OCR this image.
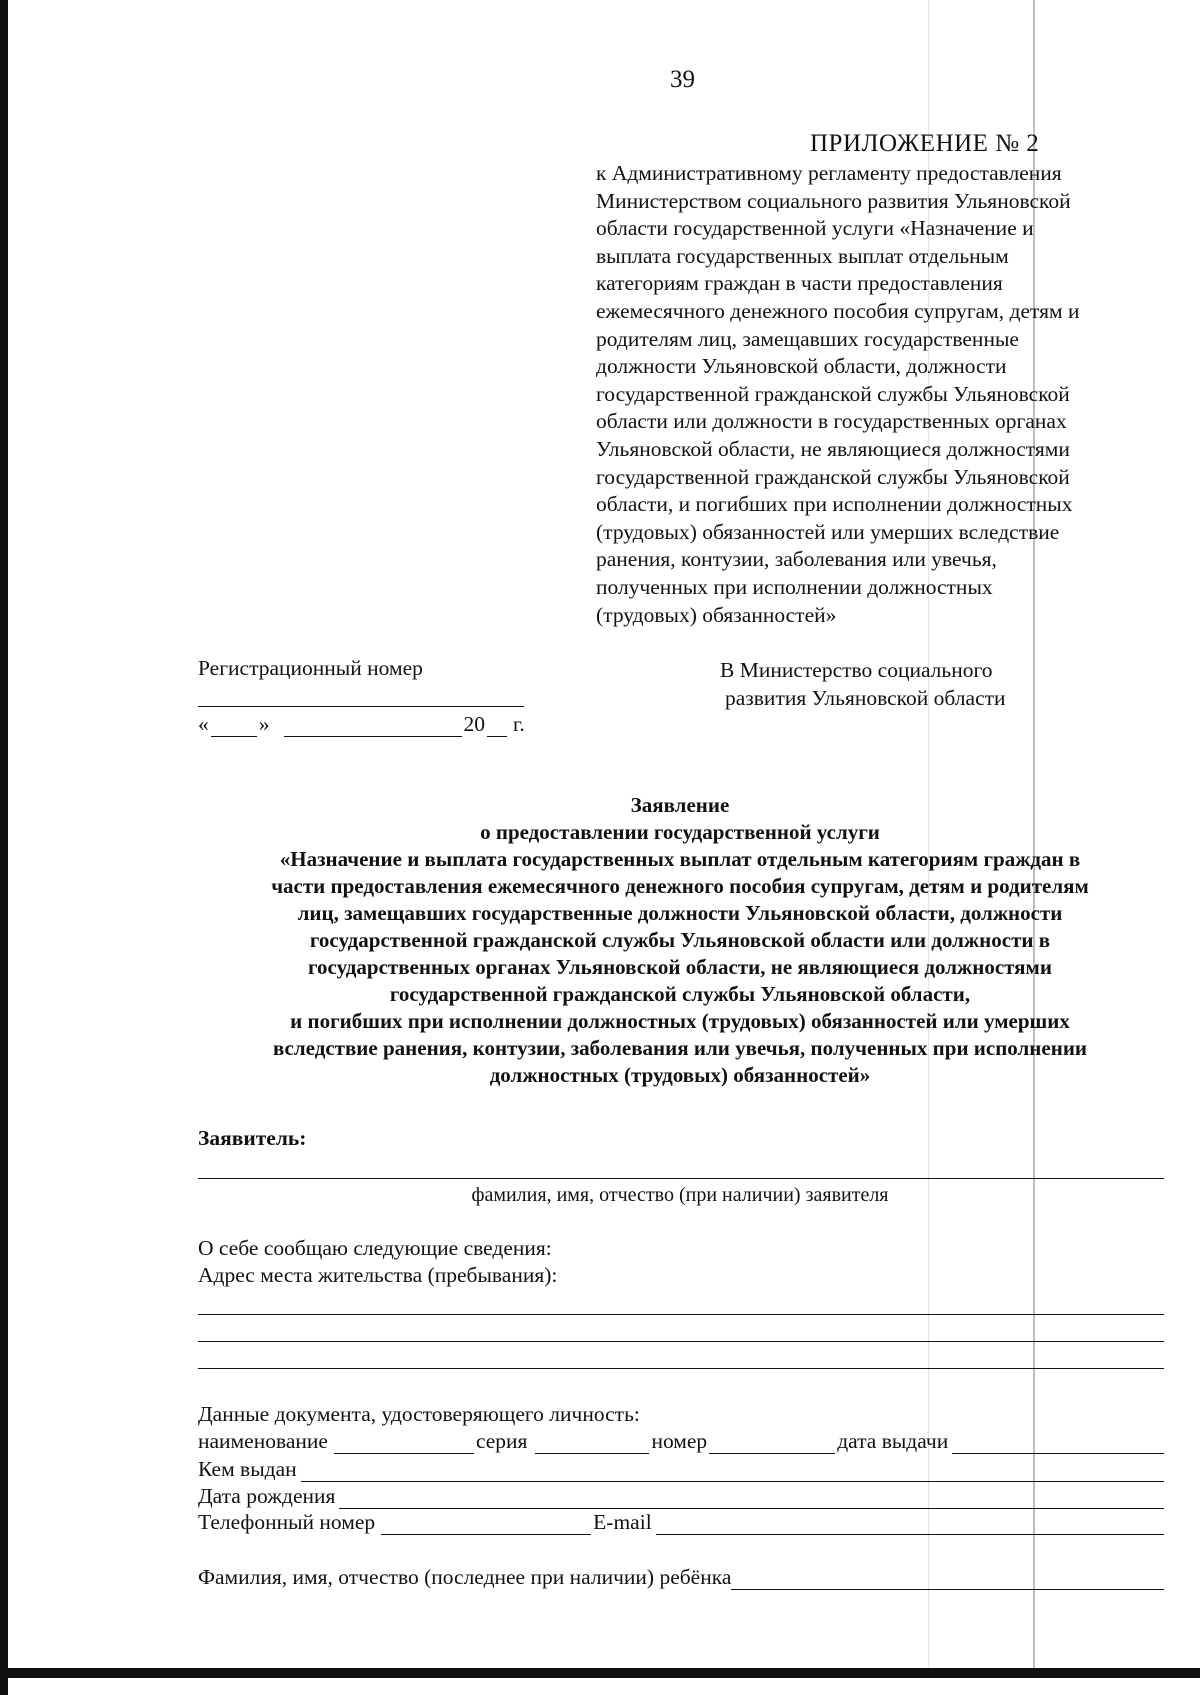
39
ПРИЛОЖЕНИЕ № 2
к Административному регламенту предоставления
Министерством социального развития Ульяновской
области государственной услуги «Назначение и
выплата государственных выплат отдельным
категориям граждан в части предоставления
ежемесячного денежного пособия супругам, детям и
родителям лиц, замещавших государственные
должности Ульяновской области, должности
государственной гражданской службы Ульяновской
области или должности в государственных органах
Ульяновской области, не являющиеся должностями
государственной гражданской службы Ульяновской
области, и погибших при исполнении должностных
(трудовых) обязанностей или умерших вследствие
ранения, контузии, заболевания или увечья,
полученных при исполнении должностных
(трудовых) обязанностей»
Регистрационный номер
« »	20 г.
В Министерство социального
развития Ульяновской области
Заявление
о предоставлении государственной услуги
«Назначение и выплата государственных выплат отдельным категориям граждан в
части предоставления ежемесячного денежного пособия супругам, детям и родителям
лиц, замещавших государственные должности Ульяновской области, должности
государственной гражданской службы Ульяновской области или должности в
государственных органах Ульяновской области, не являющиеся должностями
государственной гражданской службы Ульяновской области,
и погибших при исполнении должностных (трудовых) обязанностей или умерших
вследствие ранения, контузии, заболевания или увечья, полученных при исполнении
должностных (трудовых) обязанностей»
Заявитель:
фамилия, имя, отчество (при наличии) заявителя
О себе сообщаю следующие сведения:
Адрес места жительства (пребывания):
Данные документа, удостоверяющего личность:
наименование	серия	номер	дата выдачи
Кем выдан
Дата рождения
Телефонный номер	E-mail
Фамилия, имя, отчество (последнее при наличии) ребёнка
